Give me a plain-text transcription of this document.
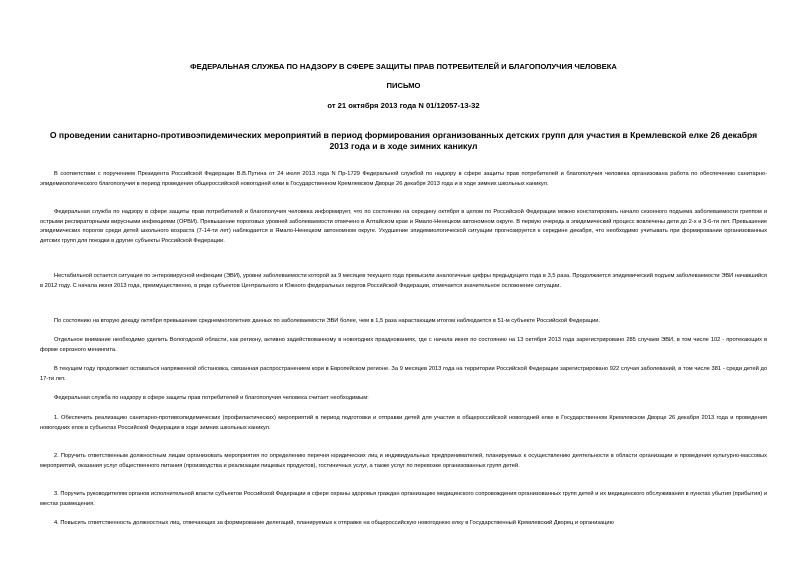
ФЕДЕРАЛЬНАЯ СЛУЖБА ПО НАДЗОРУ В СФЕРЕ ЗАЩИТЫ ПРАВ ПОТРЕБИТЕЛЕЙ И БЛАГОПОЛУЧИЯ ЧЕЛОВЕКА
ПИСЬМО
от 21 октября 2013 года N 01/12057-13-32
О проведении санитарно-противоэпидемических мероприятий в период формирования организованных детских групп для участия в Кремлевской елке 26 декабря 2013 года и в ходе зимних каникул
В соответствии с поручением Президента Российской Федерации В.В.Путина от 24 июля 2013 года N Пр-1729 Федеральной службой по надзору в сфере защиты прав потребителей и благополучия человека организована работа по обеспечению санитарно-эпидемиологического благополучия в период проведения общероссийской новогодней елки в Государственном Кремлевском Дворце 26 декабря 2013 года и в ходе зимних школьных каникул.
Федеральная служба по надзору в сфере защиты прав потребителей и благополучия человека информирует, что по состоянию на середину октября в целом по Российской Федерации можно констатировать начало сезонного подъема заболеваемости гриппом и острыми респираторными вирусными инфекциями (ОРВИ). Превышение пороговых уровней заболеваемости отмечено в Алтайском крае и Ямало-Ненецком автономном округе. В первую очередь в эпидемический процесс вовлечены дети до 2-х и 3-6-ти лет. Превышение эпидемических порогов среди детей школьного возраста (7-14-ти лет) наблюдается в Ямало-Ненецком автономном округе. Ухудшение эпидемиологической ситуации прогнозируется к середине декабря, что необходимо учитывать при формировании организованных детских групп для поездки в другие субъекты Российской Федерации.
Нестабильной остается ситуация по энтеровирусной инфекции (ЭВИ), уровни заболеваемости которой за 9 месяцев текущего года превысили аналогичные цифры предыдущего года в 3,5 раза. Продолжается эпидемический подъем заболеваемости ЭВИ начавшийся в 2012 году. С начала июня 2013 года, преимущественно, в ряде субъектов Центрального и Южного федеральных округов Российской Федерации, отмечается значительное осложнение ситуации.
По состоянию на вторую декаду октября превышение среднемноголетних данных по заболеваемости ЭВИ более, чем в 1,5 раза нарастающим итогом наблюдается в 51-м субъекте Российской Федерации.
Отдельное внимание необходимо уделить Вологодской области, как региону, активно задействованному в новогодних празднованиях, где с начала июня по состоянию на 13 октября 2013 года зарегистрировано 285 случаев ЭВИ, в том числе 102 - протекающих в форме серозного менингита.
В текущем году продолжает оставаться напряженной обстановка, связанная распространением кори в Европейском регионе. За 9 месяцев 2013 года на территории Российской Федерации зарегистрировано 922 случая заболеваний, в том числе 381 - среди детей до 17-ти лет.
Федеральная служба по надзору в сфере защиты прав потребителей и благополучия человека считает необходимым:
1. Обеспечить реализацию санитарно-противоэпидемических (профилактических) мероприятий в период подготовки и отправки детей для участия в общероссийской новогодней елке в Государственном Кремлевском Дворце 26 декабря 2013 года и проведения новогодних елок в субъектах Российской Федерации в ходе зимних школьных каникул.
2. Поручить ответственным должностным лицам организовать мероприятия по определению перечня юридических лиц и индивидуальных предпринимателей, планируемых к осуществлению деятельности в области организации и проведения культурно-массовых мероприятий, оказания услуг общественного питания (производства и реализации пищевых продуктов), гостиничных услуг, а также услуг по перевозке организованных групп детей.
3. Поручить руководителям органов исполнительной власти субъектов Российской Федерации в сфере охраны здоровья граждан организацию медицинского сопровождения организованных групп детей и их медицинского обслуживания в пунктах убытия (прибытия) и местах размещения.
4. Повысить ответственность должностных лиц, отвечающих за формирование делегаций, планируемых к отправке на общероссийскую новогоднюю елку в Государственный Кремлевский Дворец и организацию
